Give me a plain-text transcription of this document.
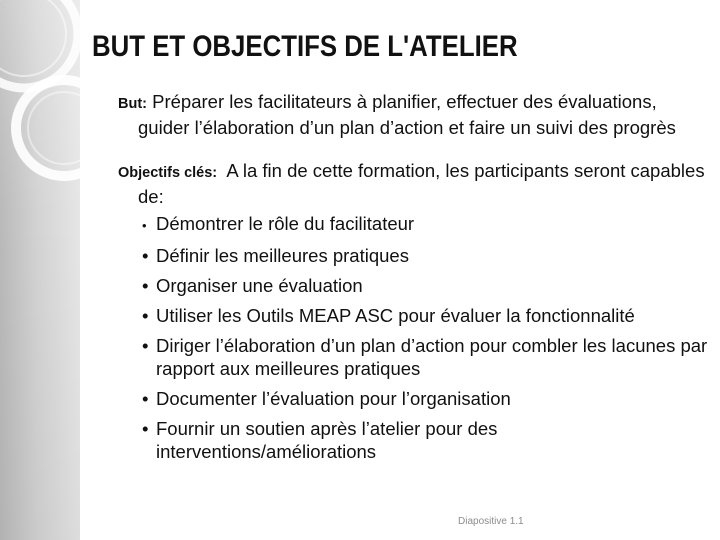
BUT ET OBJECTIFS DE L'ATELIER

But: Préparer les facilitateurs à planifier, effectuer des évaluations, guider l’élaboration d’un plan d’action et faire un suivi des progrès

Objectifs clés: A la fin de cette formation, les participants seront capables de:

• Démontrer le rôle du facilitateur
• Définir les meilleures pratiques
• Organiser une évaluation
• Utiliser les Outils MEAP ASC pour évaluer la fonctionnalité
• Diriger l’élaboration d’un plan d’action pour combler les lacunes par rapport aux meilleures pratiques
• Documenter l’évaluation pour l’organisation
• Fournir un soutien après l’atelier pour des interventions/améliorations
Diapositive 1.1
